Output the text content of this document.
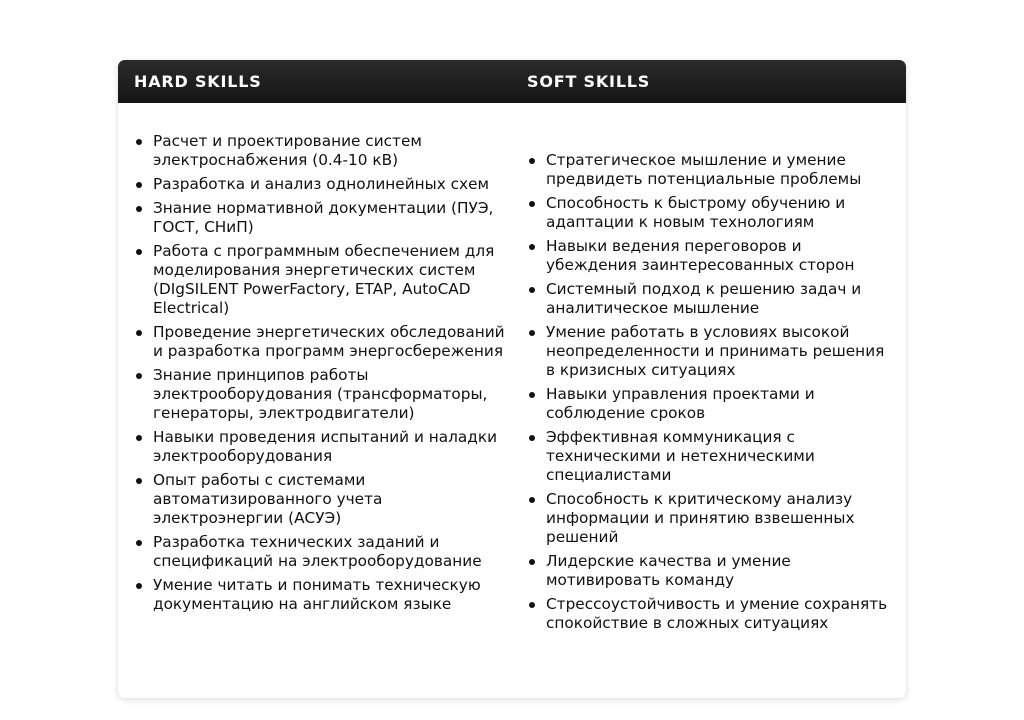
HARD SKILLS	SOFT SKILLS
Расчет и проектирование систем электроснабжения (0.4-10 кВ)
Разработка и анализ однолинейных схем
Знание нормативной документации (ПУЭ, ГОСТ, СНиП)
Работа с программным обеспечением для моделирования энергетических систем (DIgSILENT PowerFactory, ETAP, AutoCAD Electrical)
Проведение энергетических обследований и разработка программ энергосбережения
Знание принципов работы электрооборудования (трансформаторы, генераторы, электродвигатели)
Навыки проведения испытаний и наладки электрооборудования
Опыт работы с системами автоматизированного учета электроэнергии (АСУЭ)
Разработка технических заданий и спецификаций на электрооборудование
Умение читать и понимать техническую документацию на английском языке
Стратегическое мышление и умение предвидеть потенциальные проблемы
Способность к быстрому обучению и адаптации к новым технологиям
Навыки ведения переговоров и убеждения заинтересованных сторон
Системный подход к решению задач и аналитическое мышление
Умение работать в условиях высокой неопределенности и принимать решения в кризисных ситуациях
Навыки управления проектами и соблюдение сроков
Эффективная коммуникация с техническими и нетехническими специалистами
Способность к критическому анализу информации и принятию взвешенных решений
Лидерские качества и умение мотивировать команду
Стрессоустойчивость и умение сохранять спокойствие в сложных ситуациях
